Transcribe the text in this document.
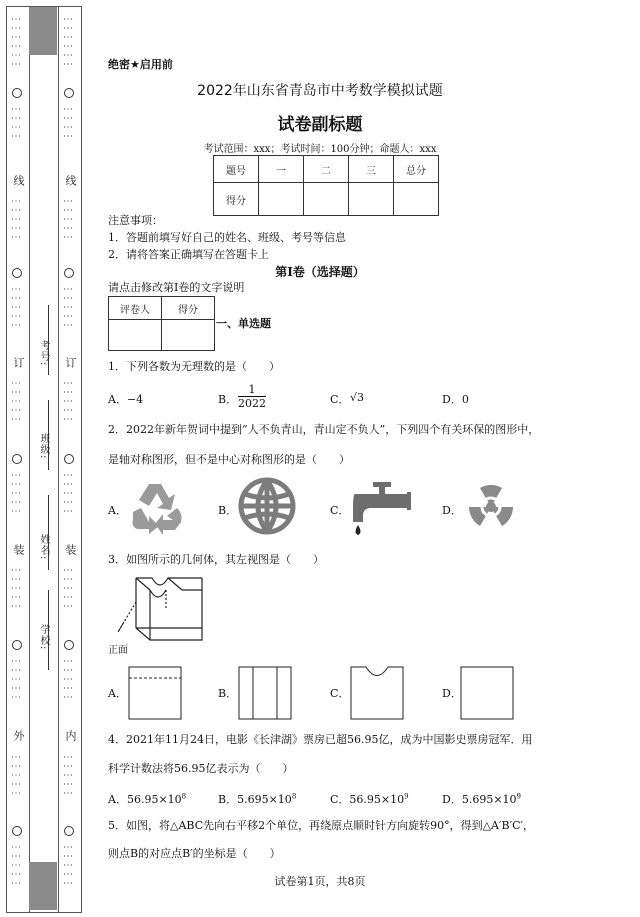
⋮⋮⋮⋮⋮⋮
⋮⋮⋮⋮
线
⋮⋮⋮⋮⋮
⋮⋮⋮⋮⋮
订
⋮⋮⋮⋮⋮
⋮⋮⋮⋮⋮
装
⋮⋮⋮⋮⋮
⋮⋮⋮⋮⋮
外
⋮⋮⋮⋮⋮
⋮⋮⋮⋮⋮
考号:
班级:
姓名:
学校:
⋮⋮⋮⋮⋮⋮
⋮⋮⋮⋮
线
⋮⋮⋮⋮⋮
⋮⋮⋮⋮⋮
订
⋮⋮⋮⋮⋮
⋮⋮⋮⋮⋮
装
⋮⋮⋮⋮⋮
⋮⋮⋮⋮⋮
内
⋮⋮⋮⋮⋮
⋮⋮⋮⋮⋮
绝密★启用前
2022年山东省青岛市中考数学模拟试题
试卷副标题
考试范围：xxx；考试时间：100分钟；命题人：xxx
题号	一	二	三	总分
得分				
注意事项：
1．答题前填写好自己的姓名、班级、考号等信息
2．请将答案正确填写在答题卡上
第I卷（选择题）
请点击修改第I卷的文字说明
评卷人	得分

一、单选题
1．下列各数为无理数的是（　　）
A．−4	B． $\frac{1}{2022}$	C． √3	D．0
2．2022年新年贺词中提到“人不负青山，青山定不负人”，下列四个有关环保的图形中，
是轴对称图形，但不是中心对称图形的是（　　）
A．	B．	C．	D．
3．如图所示的几何体，其左视图是（　　）
正面
A．	B．	C．	D．
4．2021年11月24日，电影《长津湖》票房已超56.95亿，成为中国影史票房冠军．用
科学计数法将56.95亿表示为（　　）
A．$56.95\times 10^8$	B．$5.695\times 10^8$	C．$56.95\times 10^9$	D．$5.695\times 10^9$
5．如图，将△ABC先向右平移2个单位，再绕原点顺时针方向旋转90°，得到△A′B′C′，
则点B的对应点B′的坐标是（　　）
试卷第1页，共8页
